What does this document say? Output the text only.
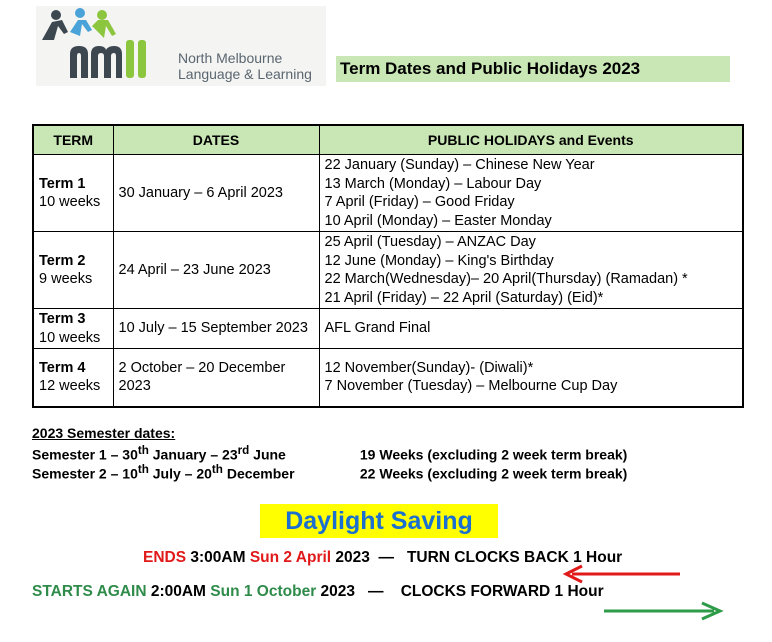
North Melbourne
Language & Learning Term Dates and Public Holidays 2023
TERM	DATES	PUBLIC HOLIDAYS and Events

Term 1
10 weeks	30 January – 6 April 2023	22 January (Sunday) – Chinese New Year
13 March (Monday) – Labour Day
7 April (Friday) – Good Friday
10 April (Monday) – Easter Monday

Term 2
9 weeks	24 April – 23 June 2023	25 April (Tuesday) – ANZAC Day
12 June (Monday) – King's Birthday
22 March(Wednesday)– 20 April(Thursday) (Ramadan) *
21 April (Friday) – 22 April (Saturday) (Eid)*

Term 3
10 weeks	10 July – 15 September 2023	AFL Grand Final

Term 4
12 weeks	2 October – 20 December 2023	12 November(Sunday)- (Diwali)*
7 November (Tuesday) – Melbourne Cup Day
2023 Semester dates:
Semester 1 – 30th January – 23rd June	19 Weeks (excluding 2 week term break)
Semester 2 – 10th July – 20th December	22 Weeks (excluding 2 week term break)
Daylight Saving
ENDS 3:00AM Sun 2 April 2023 — TURN CLOCKS BACK 1 Hour
STARTS AGAIN 2:00AM Sun 1 October 2023 — CLOCKS FORWARD 1 Hour
